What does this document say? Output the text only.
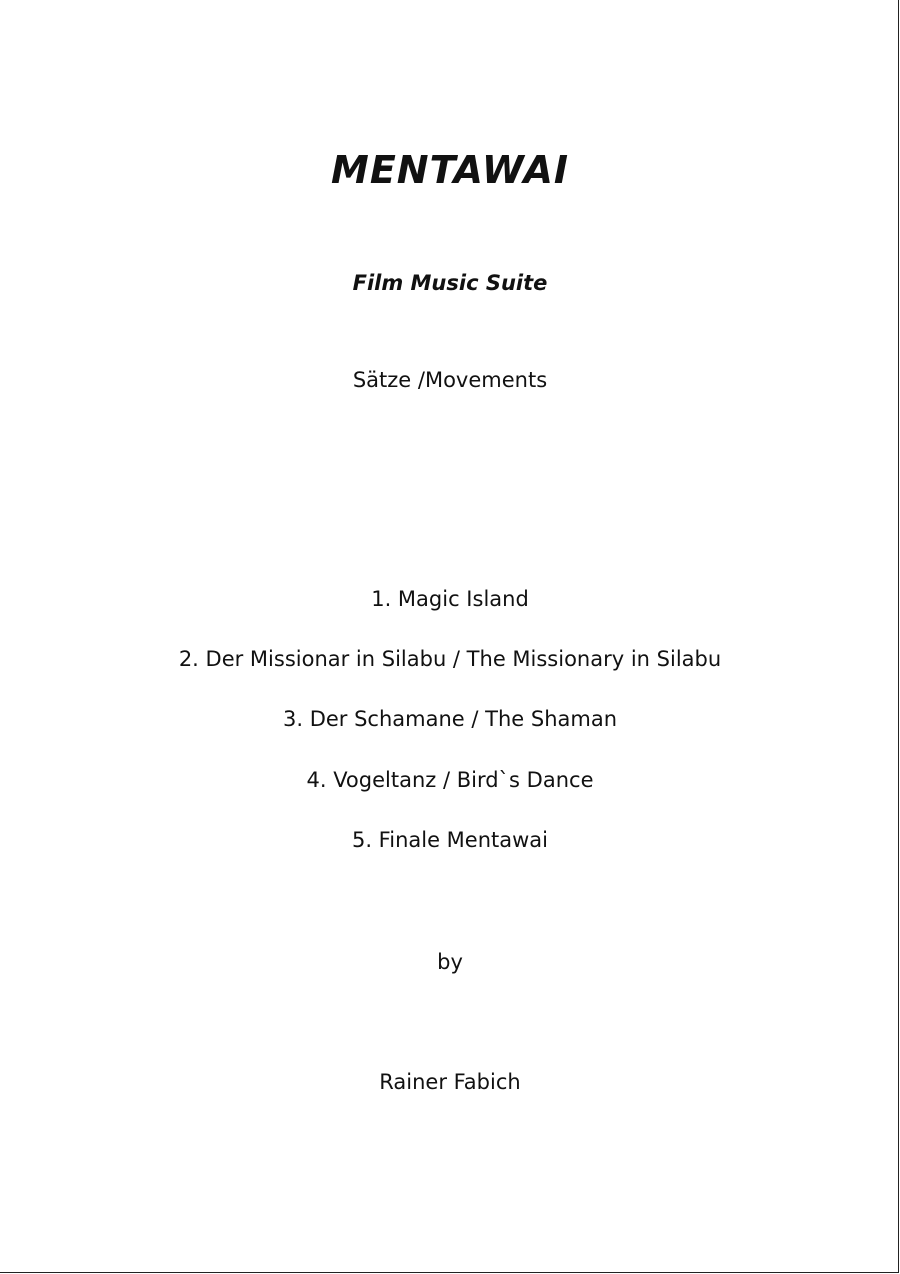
MENTAWAI
Film Music Suite
Sätze /Movements
1. Magic Island
2. Der Missionar in Silabu / The Missionary in Silabu
3. Der Schamane / The Shaman
4. Vogeltanz / Bird`s Dance
5. Finale Mentawai
by
Rainer Fabich
